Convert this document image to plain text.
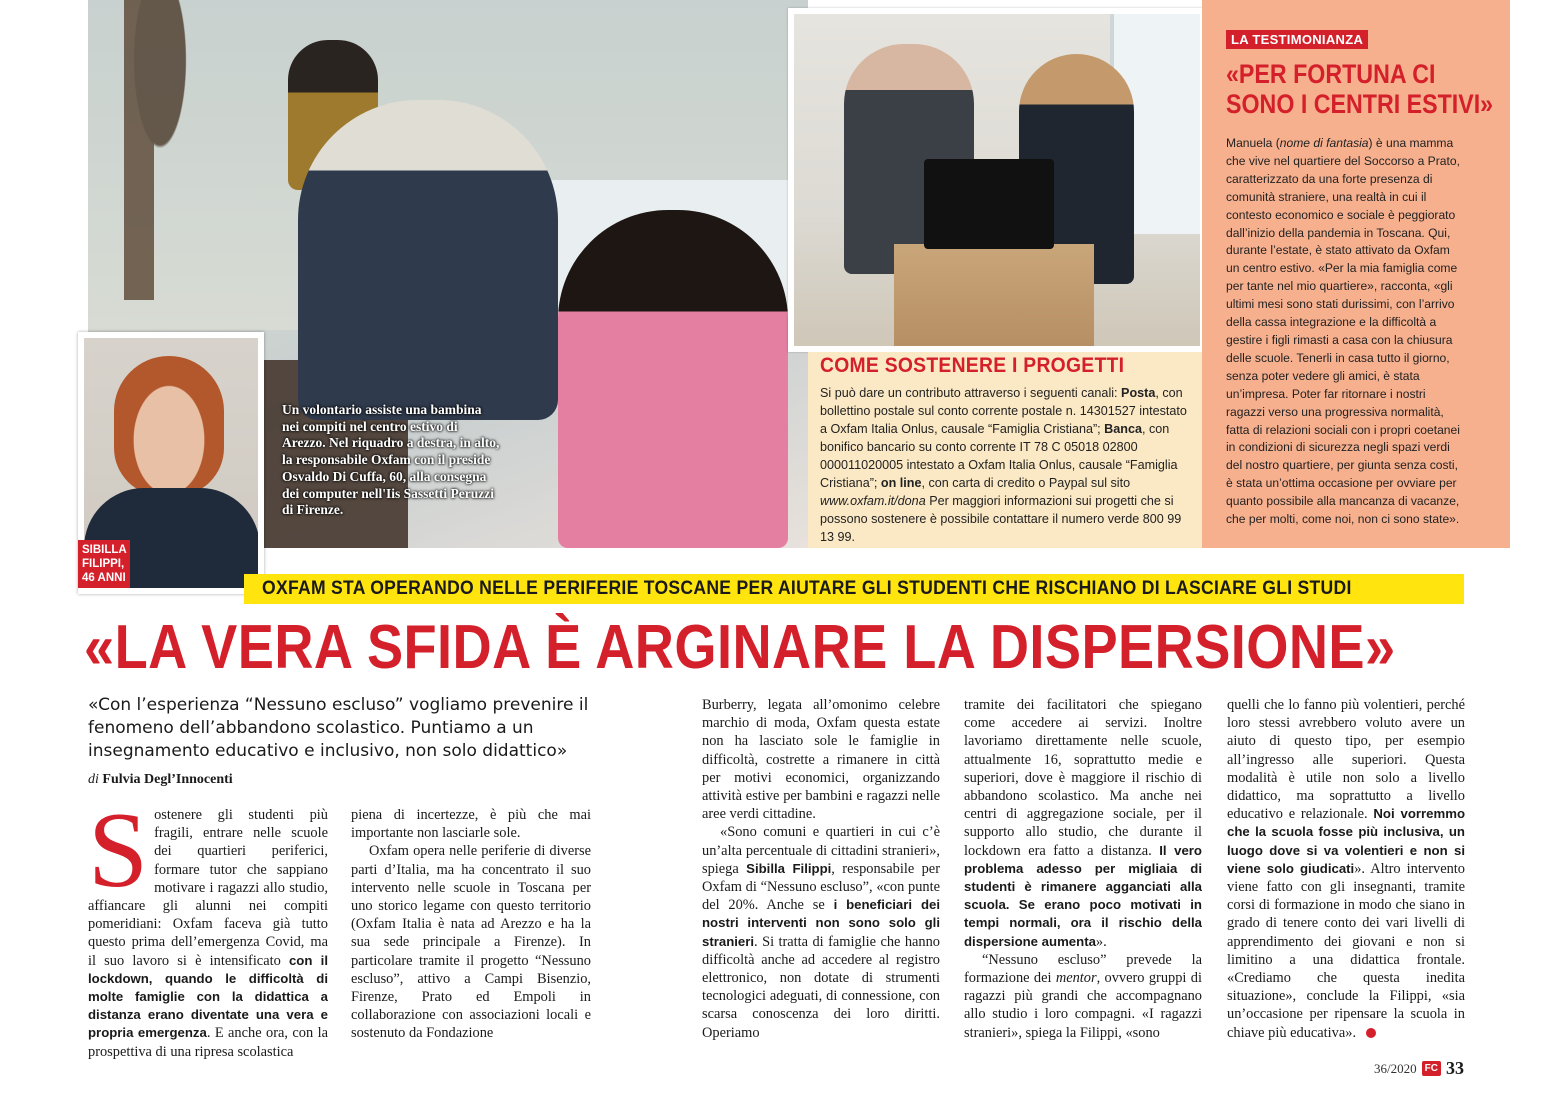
SIBILLA
FILIPPI,
46 ANNI
Un volontario assiste una bambina nei compiti nel centro estivo di Arezzo. Nel riquadro a destra, in alto, la responsabile Oxfam con il preside Osvaldo Di Cuffa, 60, alla consegna dei computer nell'Iis Sassetti Peruzzi di Firenze.
COME SOSTENERE I PROGETTI
Si può dare un contributo attraverso i seguenti canali: Posta, con bollettino postale sul conto corrente postale n. 14301527 intestato a Oxfam Italia Onlus, causale “Famiglia Cristiana”; Banca, con bonifico bancario su conto corrente IT 78 C 05018 02800 000011020005 intestato a Oxfam Italia Onlus, causale “Famiglia Cristiana”; on line, con carta di credito o Paypal sul sito www.oxfam.it/dona Per maggiori informazioni sui progetti che si possono sostenere è possibile contattare il numero verde 800 99 13 99.
LA TESTIMONIANZA
«PER FORTUNA CI
SONO I CENTRI ESTIVI»
Manuela (nome di fantasia) è una mamma che vive nel quartiere del Soccorso a Prato, caratterizzato da una forte presenza di comunità straniere, una realtà in cui il contesto economico e sociale è peggiorato dall’inizio della pandemia in Toscana. Qui, durante l’estate, è stato attivato da Oxfam un centro estivo. «Per la mia famiglia come per tante nel mio quartiere», racconta, «gli ultimi mesi sono stati durissimi, con l’arrivo della cassa integrazione e la difficoltà a gestire i figli rimasti a casa con la chiusura delle scuole. Tenerli in casa tutto il giorno, senza poter vedere gli amici, è stata un’impresa. Poter far ritornare i nostri ragazzi verso una progressiva normalità, fatta di relazioni sociali con i propri coetanei in condizioni di sicurezza negli spazi verdi del nostro quartiere, per giunta senza costi, è stata un’ottima occasione per ovviare per quanto possibile alla mancanza di vacanze, che per molti, come noi, non ci sono state».
OXFAM STA OPERANDO NELLE PERIFERIE TOSCANE PER AIUTARE GLI STUDENTI CHE RISCHIANO DI LASCIARE GLI STUDI
«LA VERA SFIDA È ARGINARE LA DISPERSIONE»
«Con l’esperienza “Nessuno escluso” vogliamo prevenire il fenomeno dell’abbandono scolastico. Puntiamo a un insegnamento educativo e inclusivo, non solo didattico»
di Fulvia Degl’Innocenti

Sostenere gli studenti più fragili, entrare nelle scuole dei quartieri periferici, formare tutor che sappiano motivare i ragazzi allo studio, affiancare gli alunni nei compiti pomeridiani: Oxfam faceva già tutto questo prima dell’emergenza Covid, ma il suo lavoro si è intensificato con il lockdown, quando le difficoltà di molte famiglie con la didattica a distanza erano diventate una vera e propria emergenza. E anche ora, con la prospettiva di una ripresa scolastica

piena di incertezze, è più che mai importante non lasciarle sole.

Oxfam opera nelle periferie di diverse parti d’Italia, ma ha concentrato il suo intervento nelle scuole in Toscana per uno storico legame con questo territorio (Oxfam Italia è nata ad Arezzo e ha la sua sede principale a Firenze). In particolare tramite il progetto “Nessuno escluso”, attivo a Campi Bisenzio, Firenze, Prato ed Empoli in collaborazione con associazioni locali e sostenuto da Fondazione

Burberry, legata all’omonimo celebre marchio di moda, Oxfam questa estate non ha lasciato sole le famiglie in difficoltà, costrette a rimanere in città per motivi economici, organizzando attività estive per bambini e ragazzi nelle aree verdi cittadine.

«Sono comuni e quartieri in cui c’è un’alta percentuale di cittadini stranieri», spiega Sibilla Filippi, responsabile per Oxfam di “Nessuno escluso”, «con punte del 20%. Anche se i beneficiari dei nostri interventi non sono solo gli stranieri. Si tratta di famiglie che hanno difficoltà anche ad accedere al registro elettronico, non dotate di strumenti tecnologici adeguati, di connessione, con scarsa conoscenza dei loro diritti. Operiamo

tramite dei facilitatori che spiegano come accedere ai servizi. Inoltre lavoriamo direttamente nelle scuole, attualmente 16, soprattutto medie e superiori, dove è maggiore il rischio di abbandono scolastico. Ma anche nei centri di aggregazione sociale, per il supporto allo studio, che durante il lockdown era fatto a distanza. Il vero problema adesso per migliaia di studenti è rimanere agganciati alla scuola. Se erano poco motivati in tempi normali, ora il rischio della dispersione aumenta».

“Nessuno escluso” prevede la formazione dei mentor, ovvero gruppi di ragazzi più grandi che accompagnano allo studio i loro compagni. «I ragazzi stranieri», spiega la Filippi, «sono

quelli che lo fanno più volentieri, perché loro stessi avrebbero voluto avere un aiuto di questo tipo, per esempio all’ingresso alle superiori. Questa modalità è utile non solo a livello didattico, ma soprattutto a livello educativo e relazionale. Noi vorremmo che la scuola fosse più inclusiva, un luogo dove si va volentieri e non si viene solo giudicati». Altro intervento viene fatto con gli insegnanti, tramite corsi di formazione in modo che siano in grado di tenere conto dei vari livelli di apprendimento dei giovani e non si limitino a una didattica frontale. «Crediamo che questa inedita situazione», conclude la Filippi, «sia un’occasione per ripensare la scuola in chiave più educativa».

36/2020 FC 33
